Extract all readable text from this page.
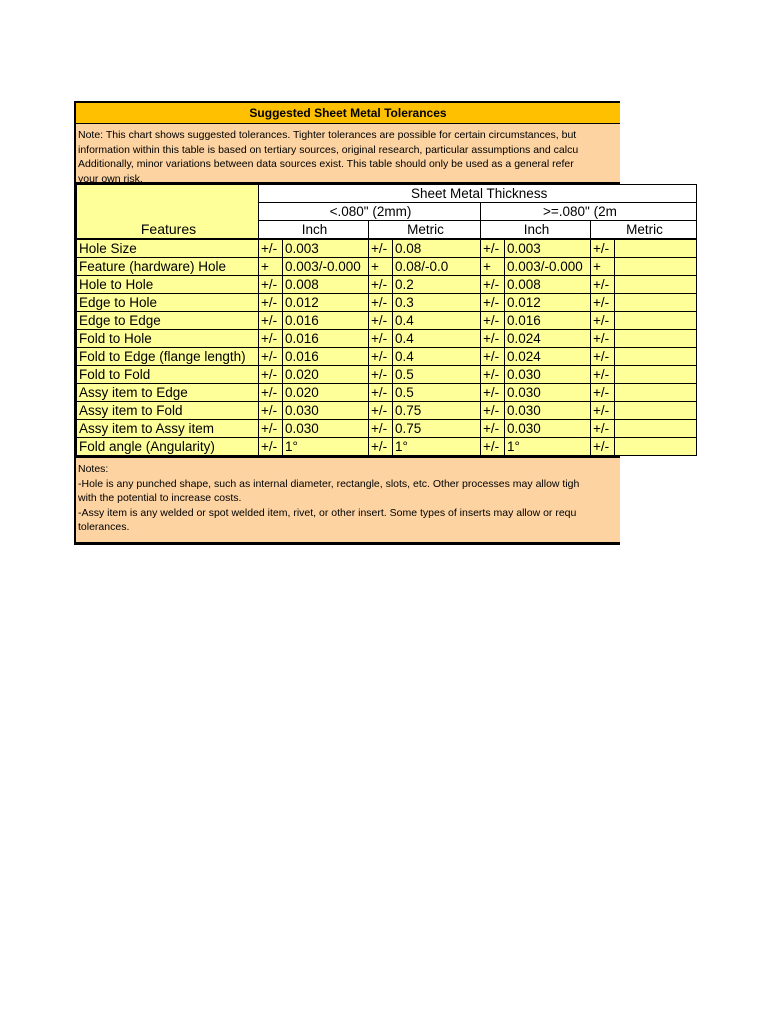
Suggested Sheet Metal Tolerances
Note: This chart shows suggested tolerances. Tighter tolerances are possible for certain circumstances, but
information within this table is based on tertiary sources, original research, particular assumptions and calcu
Additionally, minor variations between data sources exist. This table should only be used as a general refer
your own risk.
Features	Sheet Metal Thickness							
	<.080" (2mm)				>=.080" (2m			
	Inch		Metric		Inch		Metric	
Hole Size	+/-	0.003	+/-	0.08	+/-	0.003	+/-	
Feature (hardware) Hole	+	0.003/-0.000	+	0.08/-0.0	+	0.003/-0.000	+	
Hole to Hole	+/-	0.008	+/-	0.2	+/-	0.008	+/-	
Edge to Hole	+/-	0.012	+/-	0.3	+/-	0.012	+/-	
Edge to Edge	+/-	0.016	+/-	0.4	+/-	0.016	+/-	
Fold to Hole	+/-	0.016	+/-	0.4	+/-	0.024	+/-	
Fold to Edge (flange length)	+/-	0.016	+/-	0.4	+/-	0.024	+/-	
Fold to Fold	+/-	0.020	+/-	0.5	+/-	0.030	+/-	
Assy item to Edge	+/-	0.020	+/-	0.5	+/-	0.030	+/-	
Assy item to Fold	+/-	0.030	+/-	0.75	+/-	0.030	+/-	
Assy item to Assy item	+/-	0.030	+/-	0.75	+/-	0.030	+/-	
Fold angle (Angularity)	+/-	1°	+/-	1°	+/-	1°	+/-	
Notes:
-Hole is any punched shape, such as internal diameter, rectangle, slots, etc. Other processes may allow tigh
with the potential to increase costs.
-Assy item is any welded or spot welded item, rivet, or other insert. Some types of inserts may allow or requ
tolerances.
